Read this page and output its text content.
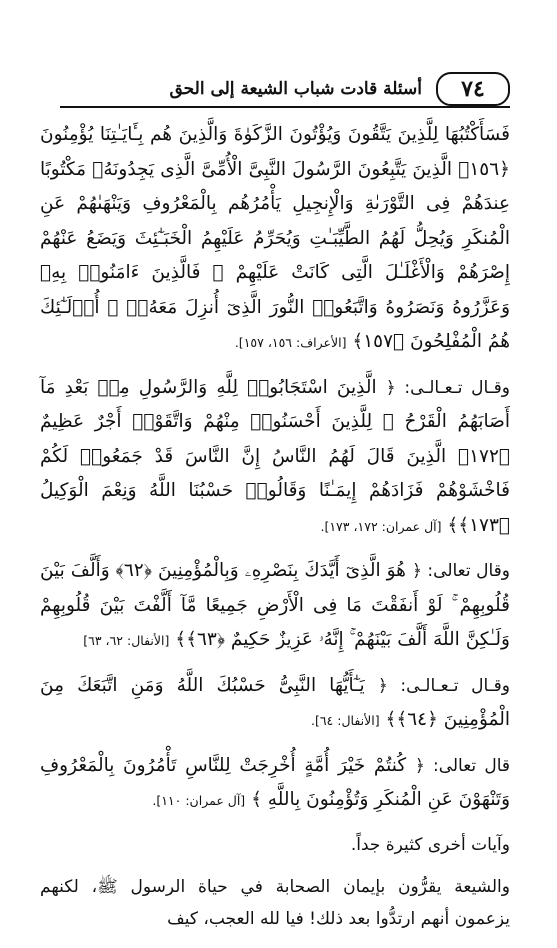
٧٤
أسئلة قادت شباب الشيعة إلى الحق

فَسَأَكْتُبُهَا لِلَّذِينَ يَتَّقُونَ وَيُؤْتُونَ الزَّكَوٰةَ وَالَّذِينَ هُم بِـَٔايَـٰتِنَا يُؤْمِنُونَ ﴿١٥٦﴾ الَّذِينَ يَتَّبِعُونَ الرَّسُولَ النَّبِىَّ الْأُمِّىَّ الَّذِى يَجِدُونَهُۥ مَكْتُوبًا عِندَهُمْ فِى التَّوْرَىٰةِ وَالْإِنجِيلِ يَأْمُرُهُم بِالْمَعْرُوفِ وَيَنْهَىٰهُمْ عَنِ الْمُنكَرِ وَيُحِلُّ لَهُمُ الطَّيِّبَـٰتِ وَيُحَرِّمُ عَلَيْهِمُ الْخَبَـٰٓئِثَ وَيَضَعُ عَنْهُمْ إِصْرَهُمْ وَالْأَغْلَـٰلَ الَّتِى كَانَتْ عَلَيْهِمْ ۚ فَالَّذِينَ ءَامَنُوا۟ بِهِۦ وَعَزَّرُوهُ وَنَصَرُوهُ وَاتَّبَعُوا۟ النُّورَ الَّذِىٓ أُنزِلَ مَعَهُۥٓ ۙ أُو۟لَـٰٓئِكَ هُمُ الْمُفْلِحُونَ ﴿١٥٧﴾ [الأعراف: ١٥٦، ١٥٧].

وقـال تـعـالـى: ﴿ الَّذِينَ اسْتَجَابُوا۟ لِلَّهِ وَالرَّسُولِ مِنۢ بَعْدِ مَآ أَصَابَهُمُ الْقَرْحُ ۚ لِلَّذِينَ أَحْسَنُوا۟ مِنْهُمْ وَاتَّقَوْا۟ أَجْرٌ عَظِيمٌ ﴿١٧٢﴾ الَّذِينَ قَالَ لَهُمُ النَّاسُ إِنَّ النَّاسَ قَدْ جَمَعُوا۟ لَكُمْ فَاخْشَوْهُمْ فَزَادَهُمْ إِيمَـٰنًا وَقَالُوا۟ حَسْبُنَا اللَّهُ وَنِعْمَ الْوَكِيلُ ﴿١٧٣﴾﴾ [آل عمران: ١٧٢، ١٧٣].

وقال تعالى: ﴿ هُوَ الَّذِىٓ أَيَّدَكَ بِنَصْرِهِۦ وَبِالْمُؤْمِنِينَ ﴿٦٢﴾ وَأَلَّفَ بَيْنَ قُلُوبِهِمْ ۚ لَوْ أَنفَقْتَ مَا فِى الْأَرْضِ جَمِيعًا مَّآ أَلَّفْتَ بَيْنَ قُلُوبِهِمْ وَلَـٰكِنَّ اللَّهَ أَلَّفَ بَيْنَهُمْ ۚ إِنَّهُۥ عَزِيزٌ حَكِيمٌ ﴿٦٣﴾﴾ [الأنفال: ٦٢، ٦٣]

وقـال تـعـالـى: ﴿ يَـٰٓأَيُّهَا النَّبِىُّ حَسْبُكَ اللَّهُ وَمَنِ اتَّبَعَكَ مِنَ الْمُؤْمِنِينَ ﴿٦٤﴾﴾ [الأنفال: ٦٤].

قال تعالى: ﴿ كُنتُمْ خَيْرَ أُمَّةٍ أُخْرِجَتْ لِلنَّاسِ تَأْمُرُونَ بِالْمَعْرُوفِ وَتَنْهَوْنَ عَنِ الْمُنكَرِ وَتُؤْمِنُونَ بِاللَّهِ ﴾ [آل عمران: ١١٠].

وآيات أخرى كثيرة جداً.

والشيعة يقرُّون بإيمان الصحابة في حياة الرسول ﷺ، لكنهم يزعمون أنهم ارتدُّوا بعد ذلك! فيا لله العجب، كيف
